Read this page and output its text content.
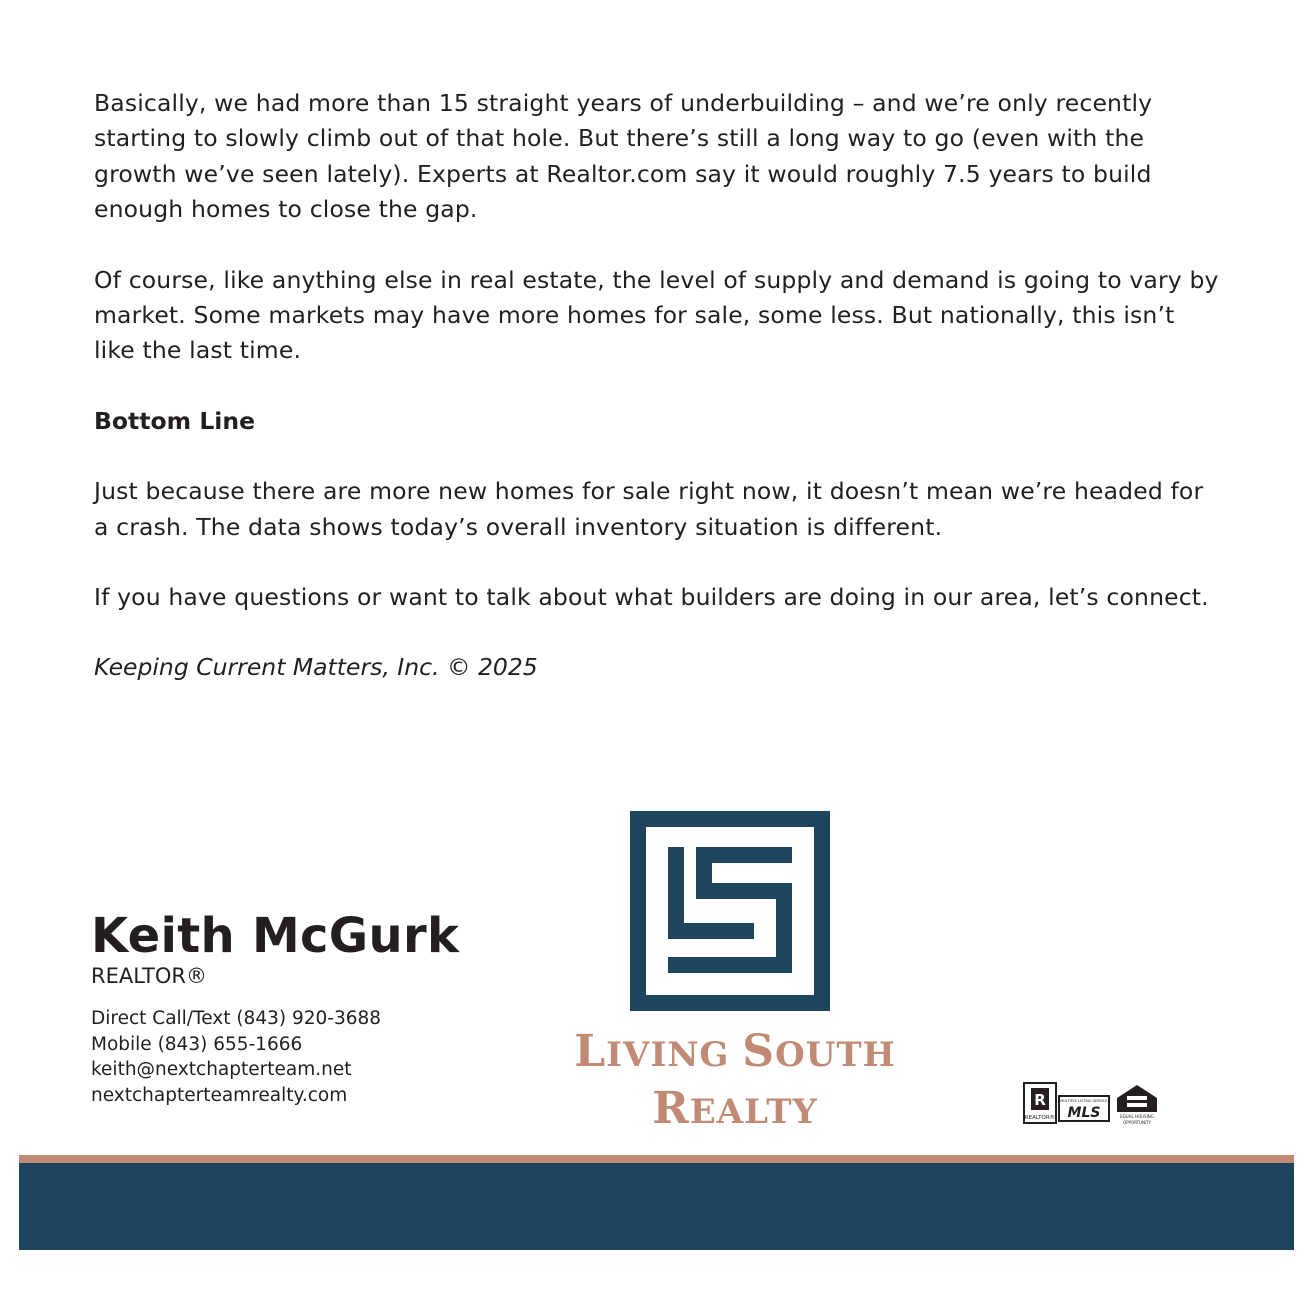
Basically, we had more than 15 straight years of underbuilding – and we’re only recently starting to slowly climb out of that hole. But there’s still a long way to go (even with the growth we’ve seen lately). Experts at Realtor.com say it would roughly 7.5 years to build enough homes to close the gap.

Of course, like anything else in real estate, the level of supply and demand is going to vary by market. Some markets may have more homes for sale, some less. But nationally, this isn’t like the last time.

Bottom Line

Just because there are more new homes for sale right now, it doesn’t mean we’re headed for a crash. The data shows today’s overall inventory situation is different.

If you have questions or want to talk about what builders are doing in our area, let’s connect.

Keeping Current Matters, Inc. © 2025

Keith McGurk
REALTOR®
Direct Call/Text (843) 920-3688
Mobile (843) 655-1666
keith@nextchapterteam.net
nextchapterteamrealty.com
LIVING SOUTH
REALTY	R
REALTOR®
MULTIPLE LISTING SERVICE
MLS	EQUAL HOUSING
OPPORTUNITY
